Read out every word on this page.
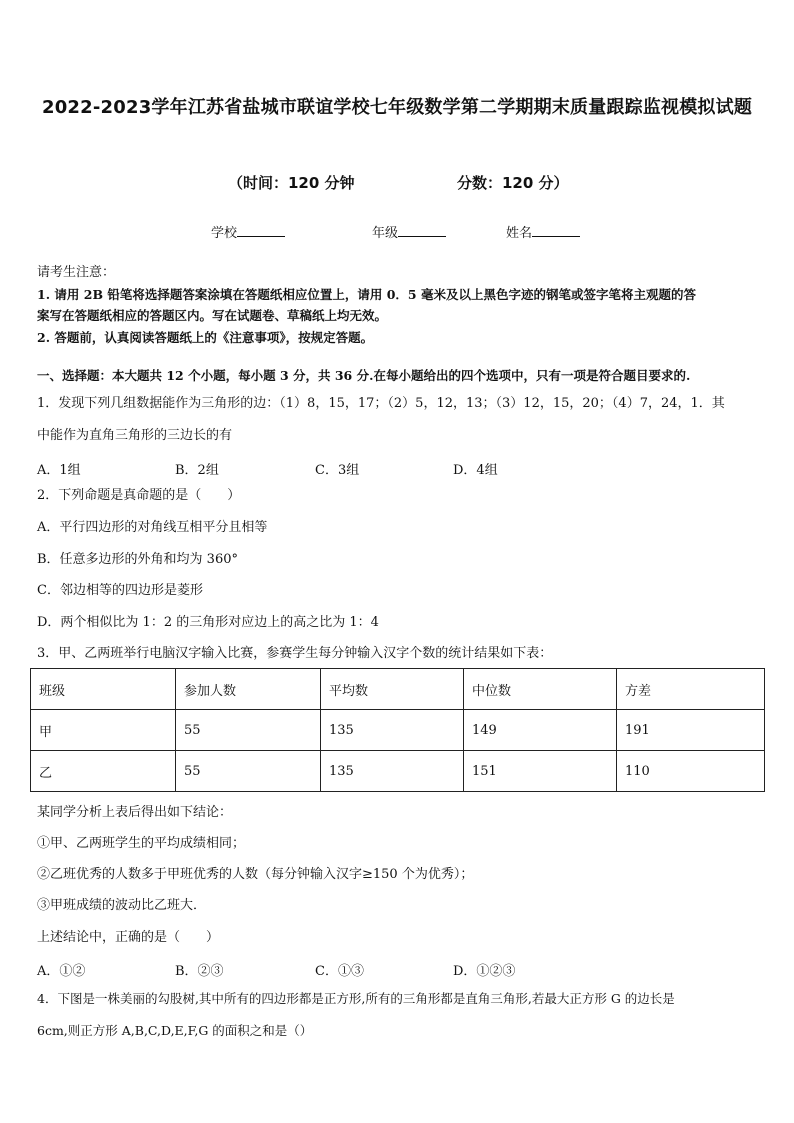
2022-2023学年江苏省盐城市联谊学校七年级数学第二学期期末质量跟踪监视模拟试题
（时间：120 分钟	分数：120 分）
学校	年级	姓名
请考生注意：
1. 请用 2B 铅笔将选择题答案涂填在答题纸相应位置上，请用 0．5 毫米及以上黑色字迹的钢笔或签字笔将主观题的答
案写在答题纸相应的答题区内。写在试题卷、草稿纸上均无效。
2. 答题前，认真阅读答题纸上的《注意事项》，按规定答题。
一、选择题：本大题共 12 个小题，每小题 3 分，共 36 分.在每小题给出的四个选项中，只有一项是符合题目要求的.
1．发现下列几组数据能作为三角形的边：（1）8，15，17；（2）5，12，13；（3）12，15，20；（4）7，24，1．其
中能作为直角三角形的三边长的有
A．1组	B．2组	C．3组	D．4组
2．下列命题是真命题的是（　　）
A．平行四边形的对角线互相平分且相等
B．任意多边形的外角和均为 360°
C．邻边相等的四边形是菱形
D．两个相似比为 1：2 的三角形对应边上的高之比为 1：4
3．甲、乙两班举行电脑汉字输入比赛，参赛学生每分钟输入汉字个数的统计结果如下表：
班级	参加人数	平均数	中位数	方差
甲	55	135	149	191
乙	55	135	151	110
某同学分析上表后得出如下结论：
①甲、乙两班学生的平均成绩相同；
②乙班优秀的人数多于甲班优秀的人数（每分钟输入汉字≥150 个为优秀）；
③甲班成绩的波动比乙班大．
上述结论中，正确的是（　　）
A．①②	B．②③	C．①③	D．①②③
4．下图是一株美丽的勾股树,其中所有的四边形都是正方形,所有的三角形都是直角三角形,若最大正方形 G 的边长是
6cm,则正方形 A,B,C,D,E,F,G 的面积之和是（）
